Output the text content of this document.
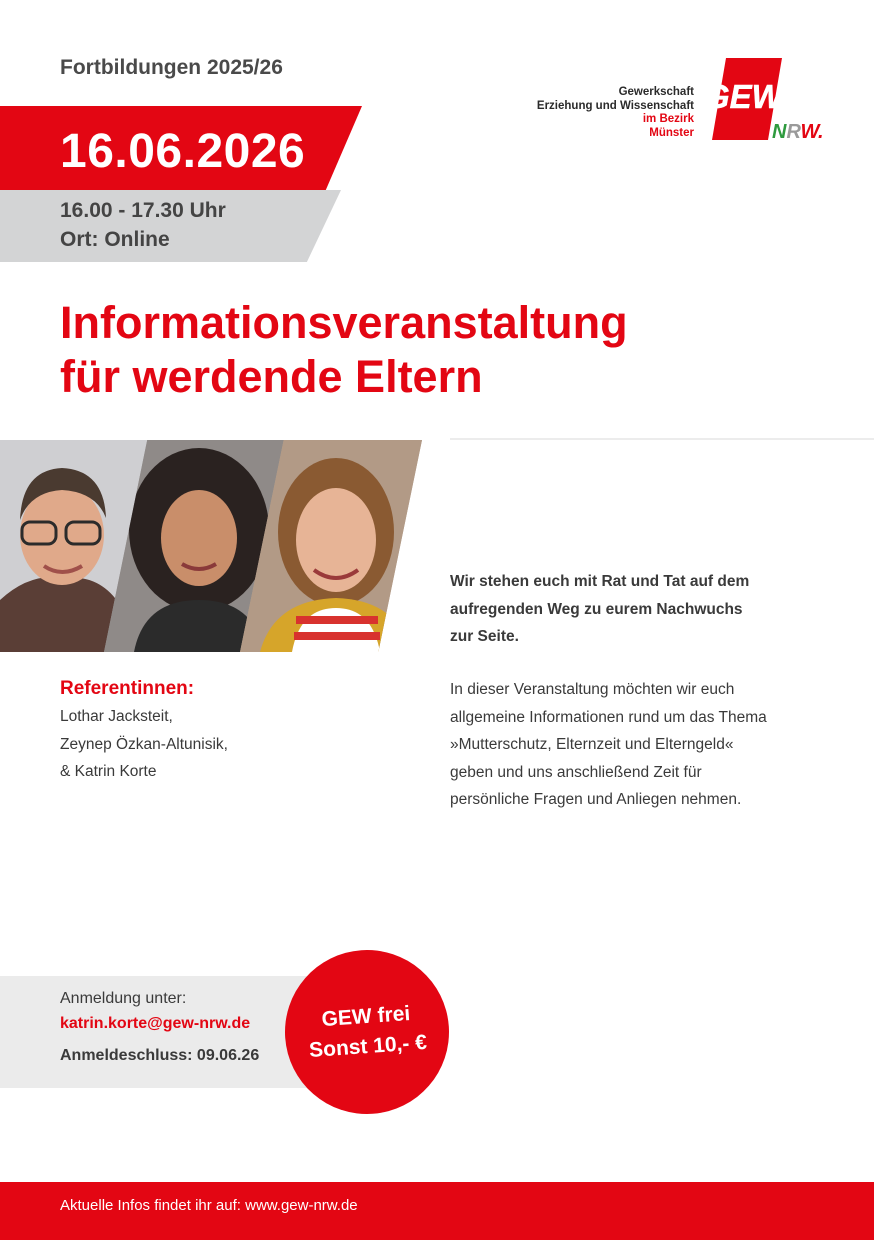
Fortbildungen 2025/26
Gewerkschaft
Erziehung und Wissenschaft
im Bezirk
Münster
GEW
NRW.
16.06.2026
16.00 - 17.30 Uhr
Ort: Online
Informationsveranstaltung
für werdende Eltern
Wir stehen euch mit Rat und Tat auf dem
aufregenden Weg zu eurem Nachwuchs
zur Seite.
In dieser Veranstaltung möchten wir euch
allgemeine Informationen rund um das Thema
»Mutterschutz, Elternzeit und Elterngeld«
geben und uns anschließend Zeit für
persönliche Fragen und Anliegen nehmen.
Referentinnen:
Lothar Jacksteit,
Zeynep Özkan-Altunisik,
& Katrin Korte
Anmeldung unter:
katrin.korte@gew-nrw.de
Anmeldeschluss: 09.06.26
GEW frei
Sonst 10,- €
Aktuelle Infos findet ihr auf: www.gew-nrw.de
